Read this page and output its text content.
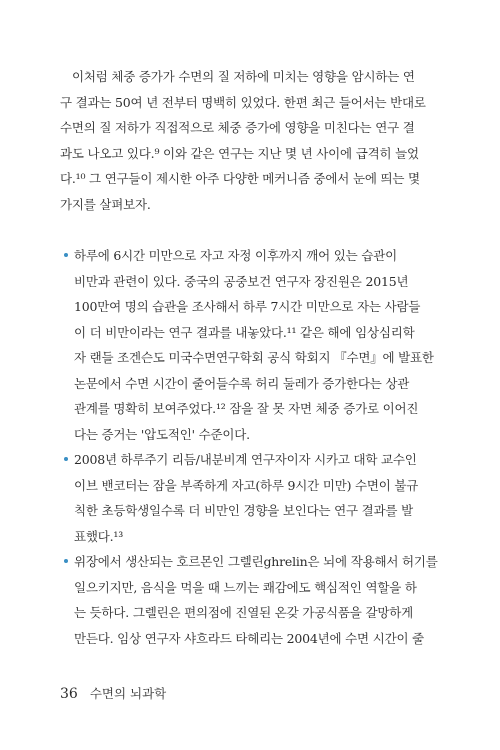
이처럼 체중 증가가 수면의 질 저하에 미치는 영향을 암시하는 연
구 결과는 50여 년 전부터 명백히 있었다. 한편 최근 들어서는 반대로
수면의 질 저하가 직접적으로 체중 증가에 영향을 미친다는 연구 결
과도 나오고 있다.⁹ 이와 같은 연구는 지난 몇 년 사이에 급격히 늘었
다.¹⁰ 그 연구들이 제시한 아주 다양한 메커니즘 중에서 눈에 띄는 몇
가지를 살펴보자.
하루에 6시간 미만으로 자고 자정 이후까지 깨어 있는 습관이
비만과 관련이 있다. 중국의 공중보건 연구자 장진원은 2015년
100만여 명의 습관을 조사해서 하루 7시간 미만으로 자는 사람들
이 더 비만이라는 연구 결과를 내놓았다.¹¹ 같은 해에 임상심리학
자 랜들 조겐슨도 미국수면연구학회 공식 학회지 『수면』에 발표한
논문에서 수면 시간이 줄어들수록 허리 둘레가 증가한다는 상관
관계를 명확히 보여주었다.¹² 잠을 잘 못 자면 체중 증가로 이어진
다는 증거는 '압도적인' 수준이다.
2008년 하루주기 리듬/내분비계 연구자이자 시카고 대학 교수인
이브 밴코터는 잠을 부족하게 자고(하루 9시간 미만) 수면이 불규
칙한 초등학생일수록 더 비만인 경향을 보인다는 연구 결과를 발
표했다.¹³
위장에서 생산되는 호르몬인 그렐린ghrelin은 뇌에 작용해서 허기를
일으키지만, 음식을 먹을 때 느끼는 쾌감에도 핵심적인 역할을 하
는 듯하다. 그렐린은 편의점에 진열된 온갖 가공식품을 갈망하게
만든다. 임상 연구자 샤흐라드 타헤리는 2004년에 수면 시간이 줄
36 수면의 뇌과학
